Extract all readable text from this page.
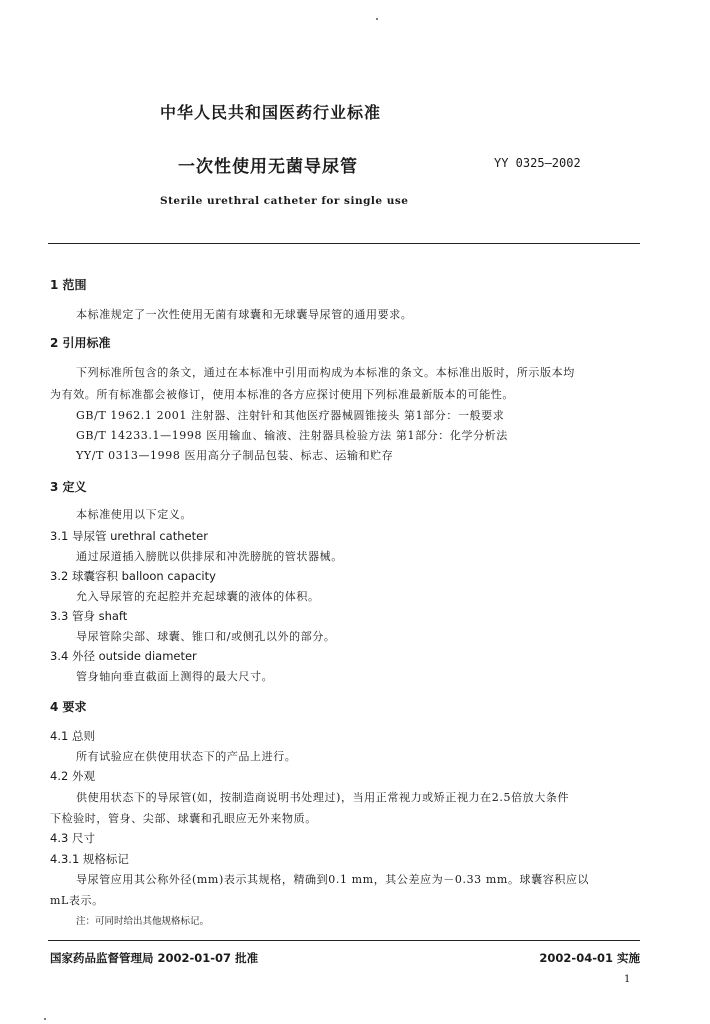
中华人民共和国医药行业标准
一次性使用无菌导尿管	YY 0325—2002
Sterile urethral catheter for single use
1 范围
本标准规定了一次性使用无菌有球囊和无球囊导尿管的通用要求。
2 引用标准
下列标准所包含的条文，通过在本标准中引用而构成为本标准的条文。本标准出版时，所示版本均
为有效。所有标准都会被修订，使用本标准的各方应探讨使用下列标准最新版本的可能性。
GB/T 1962.1 2001 注射器、注射针和其他医疗器械圆锥接头 第1部分：一般要求
GB/T 14233.1—1998 医用输血、输液、注射器具检验方法 第1部分：化学分析法
YY/T 0313—1998 医用高分子制品包装、标志、运输和贮存
3 定义
本标准使用以下定义。
3.1 导尿管 urethral catheter
通过尿道插入膀胱以供排尿和冲洗膀胱的管状器械。
3.2 球囊容积 balloon capacity
允入导尿管的充起腔并充起球囊的液体的体积。
3.3 管身 shaft
导尿管除尖部、球囊、锥口和/或侧孔以外的部分。
3.4 外径 outside diameter
管身轴向垂直截面上测得的最大尺寸。
4 要求
4.1 总则
所有试验应在供使用状态下的产品上进行。
4.2 外观
供使用状态下的导尿管(如，按制造商说明书处理过)，当用正常视力或矫正视力在2.5倍放大条件
下检验时，管身、尖部、球囊和孔眼应无外来物质。
4.3 尺寸
4.3.1 规格标记
导尿管应用其公称外径(mm)表示其规格，精确到0.1 mm，其公差应为－0.33 mm。球囊容积应以
mL表示。
注：可同时给出其他规格标记。
国家药品监督管理局 2002-01-07 批准	2002-04-01 实施
1
